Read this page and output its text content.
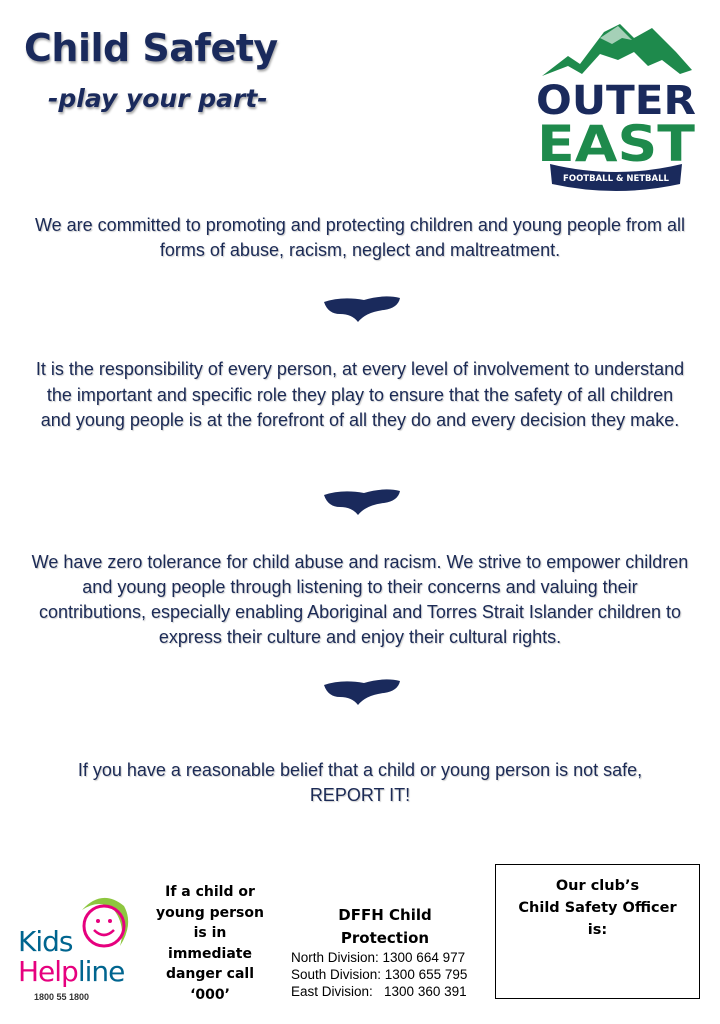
Child Safety
-play your part-	OUTER
EAST
FOOTBALL & NETBALL

We are committed to promoting and protecting children and young people from all forms of abuse, racism, neglect and maltreatment.

It is the responsibility of every person, at every level of involvement to understand the important and specific role they play to ensure that the safety of all children and young people is at the forefront of all they do and every decision they make.

We have zero tolerance for child abuse and racism. We strive to empower children and young people through listening to their concerns and valuing their contributions, especially enabling Aboriginal and Torres Strait Islander children to express their culture and enjoy their cultural rights.

If you have a reasonable belief that a child or young person is not safe,
REPORT IT!

Kids
Helpline
1800 55 1800

If a child or young person is in immediate danger call ‘000’

DFFH Child Protection

North Division: 1300 664 977
South Division: 1300 655 795
East Division:   1300 360 391

Our club’s
Child Safety Officer
is:
